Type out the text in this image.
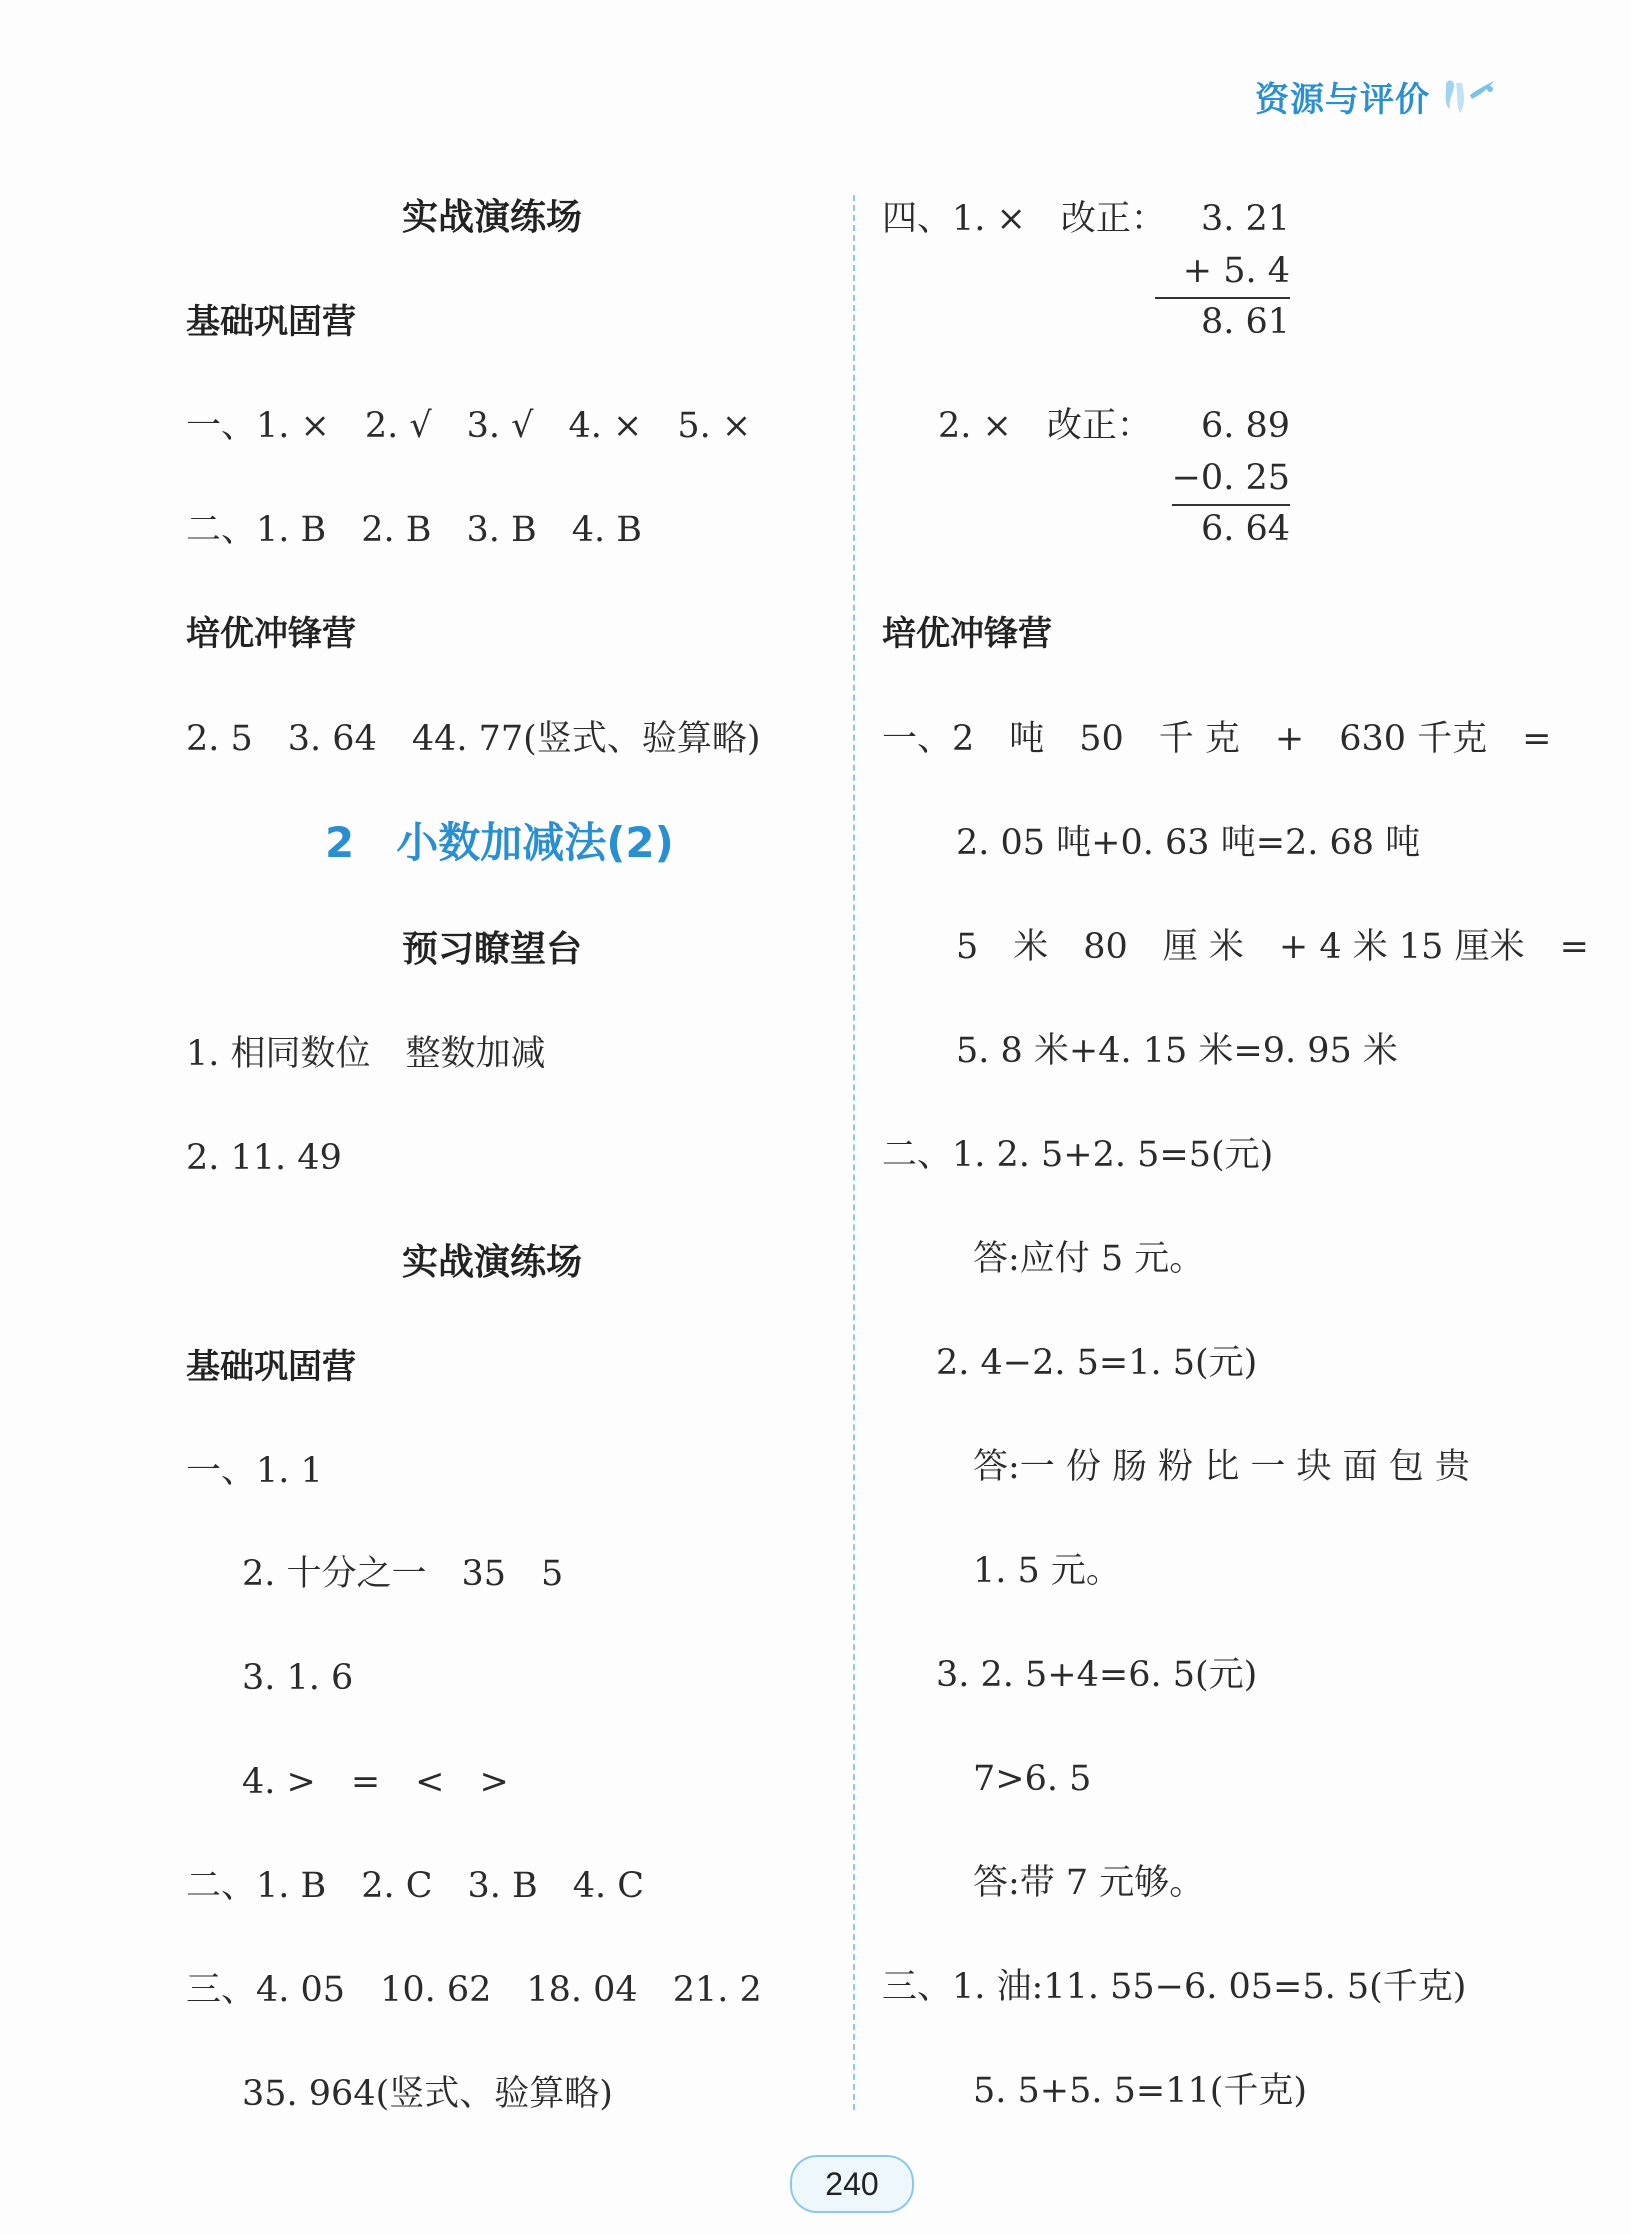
资源与评价
实战演练场
基础巩固营
一、1. ×　2. √　3. √　4. ×　5. ×
二、1. B　2. B　3. B　4. B
培优冲锋营
2. 5　3. 64　44. 77(竖式、验算略)
2　小数加减法(2)
预习瞭望台
1. 相同数位　整数加减
2. 11. 49
实战演练场
基础巩固营
一、1. 1
2. 十分之一　35　5
3. 1. 6
4. >　=　<　>
二、1. B　2. C　3. B　4. C
三、4. 05　10. 62　18. 04　21. 2
35. 964(竖式、验算略)
四、1. ×　改正： 3. 21
+ 5. 4
8. 61
2. ×　改正： 6. 89
−0. 25
6. 64
培优冲锋营
一、2　吨　50　千 克　+　630 千克　=
2. 05 吨+0. 63 吨=2. 68 吨
5　米　80　厘 米　+ 4 米 15 厘米　=
5. 8 米+4. 15 米=9. 95 米
二、1. 2. 5+2. 5=5(元)
答:应付 5 元。
2. 4−2. 5=1. 5(元)
答:一 份 肠 粉 比 一 块 面 包 贵
1. 5 元。
3. 2. 5+4=6. 5(元)
7>6. 5
答:带 7 元够。
三、1. 油:11. 55−6. 05=5. 5(千克)
5. 5+5. 5=11(千克)
240
